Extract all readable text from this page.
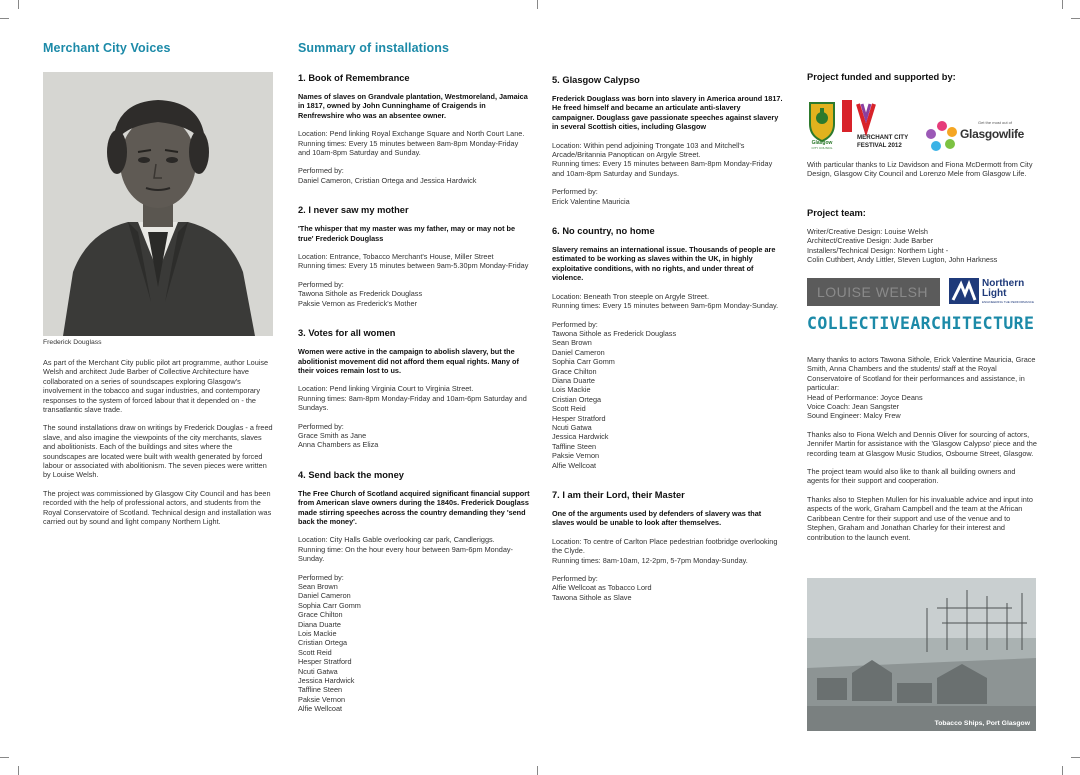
Merchant City Voices
Frederick Douglass
As part of the Merchant City public pilot art programme, author Louise Welsh and architect Jude Barber of Collective Architecture have collaborated on a series of soundscapes exploring Glasgow's involvement in the tobacco and sugar industries, and contemporary responses to the system of forced labour that it depended on - the transatlantic slave trade.
The sound installations draw on writings by Frederick Douglas - a freed slave, and also imagine the viewpoints of the city merchants, slaves and abolitionists. Each of the buildings and sites where the soundscapes are located were built with wealth generated by forced labour or associated with abolitionism. The seven pieces were written by Louise Welsh.
The project was commissioned by Glasgow City Council and has been recorded with the help of professional actors, and students from the Royal Conservatoire of Scotland. Technical design and installation was carried out by sound and light company Northern Light.
Summary of installations
1. Book of Remembrance
Names of slaves on Grandvale plantation, Westmoreland, Jamaica in 1817, owned by John Cunninghame of Craigends in Renfrewshire who was an absentee owner.
Location: Pend linking Royal Exchange Square and North Court Lane.
Running times: Every 15 minutes between 8am-8pm Monday-Friday and 10am-8pm Saturday and Sunday.
Performed by:
Daniel Cameron, Cristian Ortega and Jessica Hardwick
2. I never saw my mother
'The whisper that my master was my father, may or may not be true' Frederick Douglass
Location: Entrance, Tobacco Merchant's House, Miller Street
Running times: Every 15 minutes between 9am-5.30pm Monday-Friday
Performed by:
Tawona Sithole as Frederick Douglass
Paksie Vernon as Frederick's Mother
3. Votes for all women
Women were active in the campaign to abolish slavery, but the abolitionist movement did not afford them equal rights. Many of their voices remain lost to us.
Location: Pend linking Virginia Court to Virginia Street.
Running times: 8am-8pm Monday-Friday and 10am-6pm Saturday and Sundays.
Performed by:
Grace Smith as Jane
Anna Chambers as Eliza
4. Send back the money
The Free Church of Scotland acquired significant financial support from American slave owners during the 1840s. Frederick Douglass made stirring speeches across the country demanding they 'send back the money'.
Location: City Halls Gable overlooking car park, Candleriggs.
Running time: On the hour every hour between 9am-6pm Monday-Sunday.
Performed by:
Sean Brown
Daniel Cameron
Sophia Carr Gomm
Grace Chilton
Diana Duarte
Lois Mackie
Cristian Ortega
Scott Reid
Hesper Stratford
Ncuti Gatwa
Jessica Hardwick
Taffline Steen
Paksie Vernon
Alfie Wellcoat
5. Glasgow Calypso
Frederick Douglass was born into slavery in America around 1817. He freed himself and became an articulate anti-slavery campaigner. Douglass gave passionate speeches against slavery in several Scottish cities, including Glasgow
Location: Within pend adjoining Trongate 103 and Mitchell's Arcade/Britannia Panoptican on Argyle Street.
Running times: Every 15 minutes between 8am-8pm Monday-Friday and 10am-8pm Saturday and Sundays.
Performed by:
Erick Valentine Mauricia
6. No country, no home
Slavery remains an international issue. Thousands of people are estimated to be working as slaves within the UK, in highly exploitative conditions, with no rights, and under threat of violence.
Location: Beneath Tron steeple on Argyle Street.
Running times: Every 15 minutes between 9am-6pm Monday-Sunday.
Performed by:
Tawona Sithole as Frederick Douglass
Sean Brown
Daniel Cameron
Sophia Carr Gomm
Grace Chilton
Diana Duarte
Lois Mackie
Cristian Ortega
Scott Reid
Hesper Stratford
Ncuti Gatwa
Jessica Hardwick
Taffline Steen
Paksie Vernon
Alfie Wellcoat
7. I am their Lord, their Master
One of the arguments used by defenders of slavery was that slaves would be unable to look after themselves.
Location: To centre of Carlton Place pedestrian footbridge overlooking the Clyde.
Running times: 8am-10am, 12-2pm, 5-7pm Monday-Sunday.
Performed by:
Alfie Wellcoat as Tobacco Lord
Tawona Sithole as Slave
Project funded and supported by:
Glasgow
CITY COUNCIL
MERCHANT CITY
FESTIVAL 2012
Get the most out of
Glasgowlife
With particular thanks to Liz Davidson and Fiona McDermott from City Design, Glasgow City Council and Lorenzo Mele from Glasgow Life.
Project team:
Writer/Creative Design: Louise Welsh
Architect/Creative Design: Jude Barber
Installers/Technical Design: Northern Light -
Colin Cuthbert, Andy Littler, Steven Lugton, John Harkness
LOUISE WELSH
Northern Light
ENGINEERING THE PERFORMANCE
COLLECTIVEARCHITECTURE
Many thanks to actors Tawona Sithole, Erick Valentine Mauricia, Grace Smith, Anna Chambers and the students/ staff at the Royal Conservatoire of Scotland for their performances and assistance, in particular:
Head of Performance: Joyce Deans
Voice Coach: Jean Sangster
Sound Engineer: Malcy Frew
Thanks also to Fiona Welch and Dennis Oliver for sourcing of actors, Jennifer Martin for assistance with the 'Glasgow Calypso' piece and the recording team at Glasgow Music Studios, Osbourne Street, Glasgow.
The project team would also like to thank all building owners and agents for their support and cooperation.
Thanks also to Stephen Mullen for his invaluable advice and input into aspects of the work, Graham Campbell and the team at the African Caribbean Centre for their support and use of the venue and to Stephen, Graham and Jonathan Charley for their interest and contribution to the launch event.
Tobacco Ships, Port Glasgow
